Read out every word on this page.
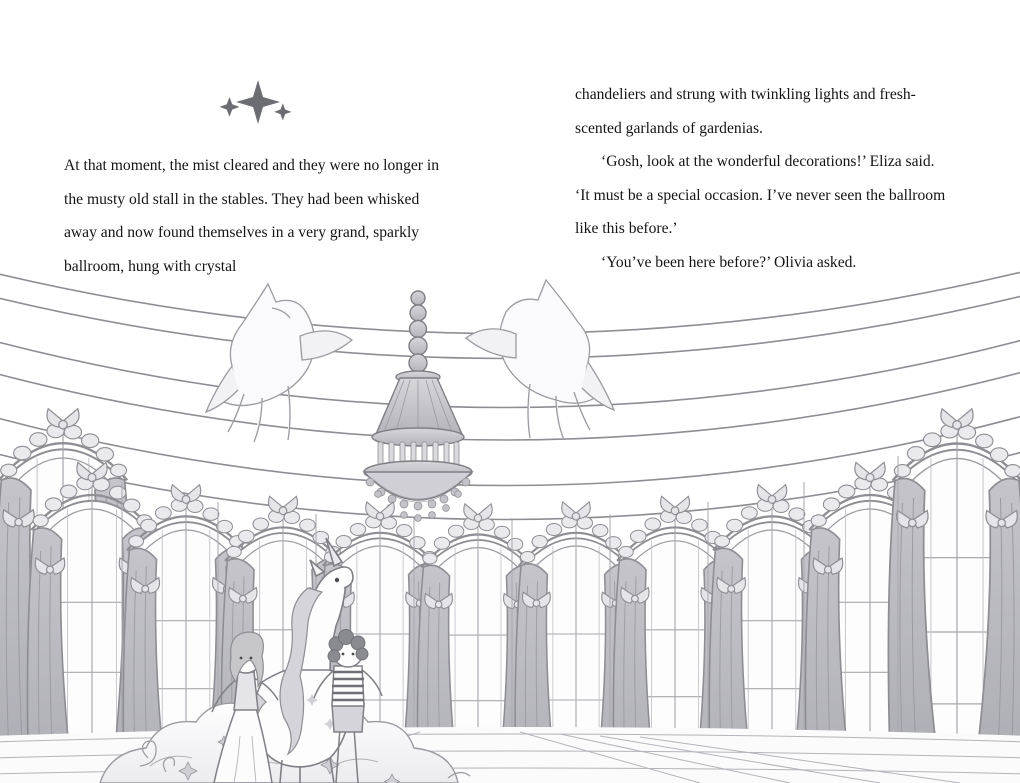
At that moment, the mist cleared and they were no longer in the musty old stall in the stables. They had been whisked away and now found themselves in a very grand, sparkly ballroom, hung with crystal

chandeliers and strung with twinkling lights and fresh-scented garlands of gardenias.

‘Gosh, look at the wonderful decorations!’ Eliza said. ‘It must be a special occasion. I’ve never seen the ballroom like this before.’

‘You’ve been here before?’ Olivia asked.
